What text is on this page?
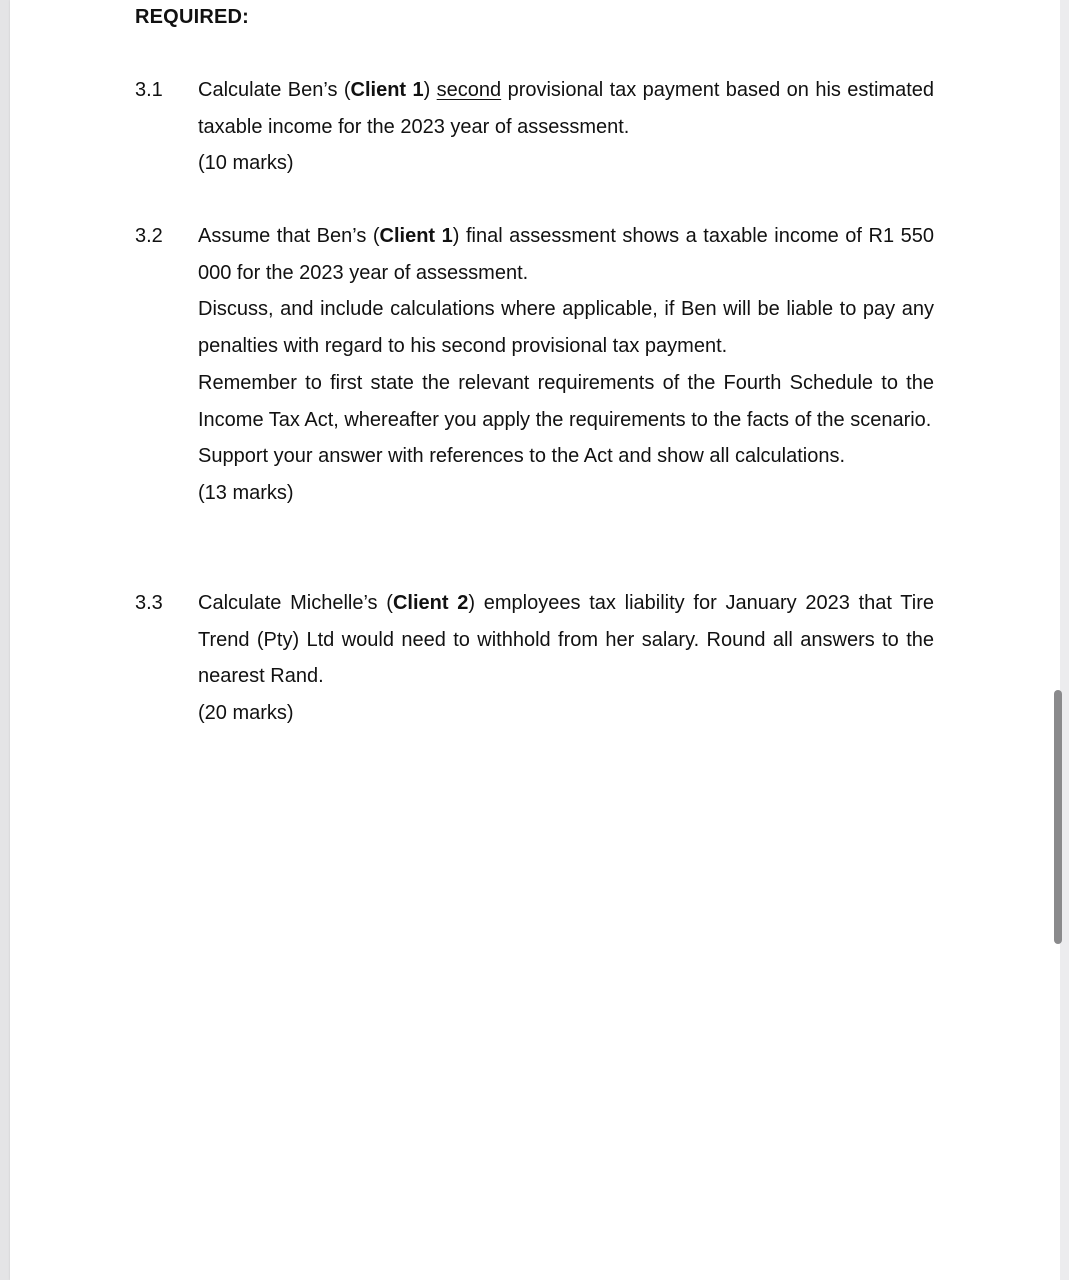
REQUIRED:
3.1 Calculate Ben’s (Client 1) second provisional tax payment based on his estimated taxable income for the 2023 year of assessment.

(10 marks)

3.2 Assume that Ben’s (Client 1) final assessment shows a taxable income of R1 550 000 for the 2023 year of assessment.

Discuss, and include calculations where applicable, if Ben will be liable to pay any penalties with regard to his second provisional tax payment.

Remember to first state the relevant requirements of the Fourth Schedule to the Income Tax Act, whereafter you apply the requirements to the facts of the scenario.

Support your answer with references to the Act and show all calculations.

(13 marks)

3.3 Calculate Michelle’s (Client 2) employees tax liability for January 2023 that Tire Trend (Pty) Ltd would need to withhold from her salary. Round all answers to the nearest Rand.

(20 marks)
